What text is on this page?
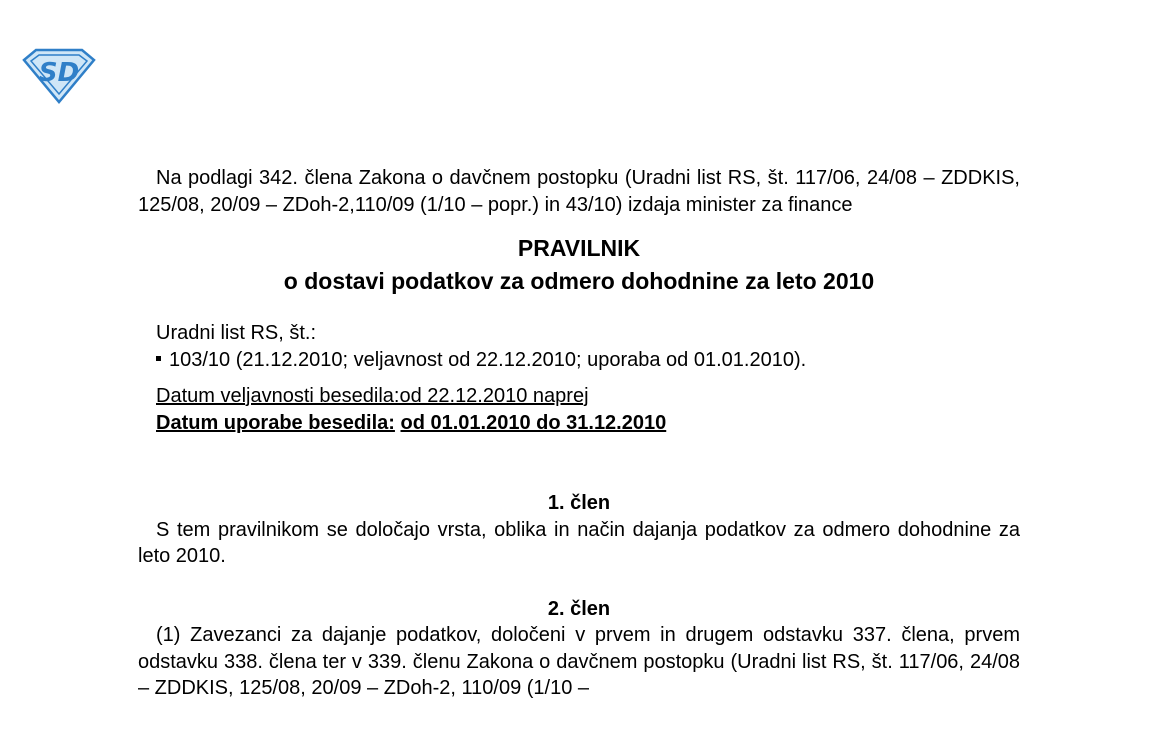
SD

Na podlagi 342. člena Zakona o davčnem postopku (Uradni list RS, št. 117/06, 24/08 – ZDDKIS, 125/08, 20/09 – ZDoh-2,110/09 (1/10 – popr.) in 43/10) izdaja minister za finance

PRAVILNIK

o dostavi podatkov za odmero dohodnine za leto 2010

Uradni list RS, št.:

103/10 (21.12.2010; veljavnost od 22.12.2010; uporaba od 01.01.2010).

Datum veljavnosti besedila:od 22.12.2010 naprej

Datum uporabe besedila: od 01.01.2010 do 31.12.2010

1. člen

S tem pravilnikom se določajo vrsta, oblika in način dajanja podatkov za odmero dohodnine za leto 2010.

2. člen

(1) Zavezanci za dajanje podatkov, določeni v prvem in drugem odstavku 337. člena, prvem odstavku 338. člena ter v 339. členu Zakona o davčnem postopku (Uradni list RS, št. 117/06, 24/08 – ZDDKIS, 125/08, 20/09 – ZDoh-2, 110/09 (1/10 –
